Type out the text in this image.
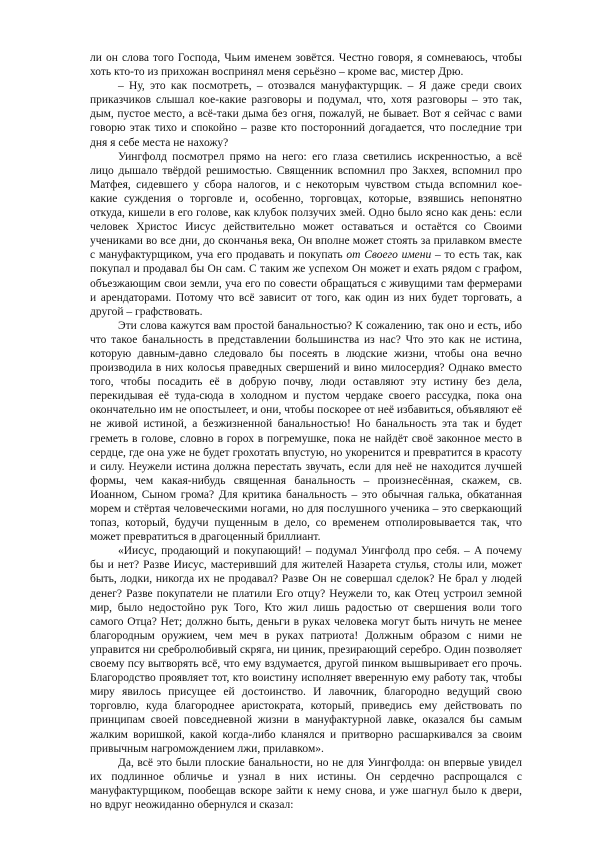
ли он слова того Господа, Чьим именем зовётся. Честно говоря, я сомневаюсь, чтобы хоть кто-то из прихожан воспринял меня серьёзно – кроме вас, мистер Дрю.

– Ну, это как посмотреть, – отозвался мануфактурщик. – Я даже среди своих приказчиков слышал кое-какие разговоры и подумал, что, хотя разговоры – это так, дым, пустое место, а всё-таки дыма без огня, пожалуй, не бывает. Вот я сейчас с вами говорю этак тихо и спокойно – разве кто посторонний догадается, что последние три дня я себе места не нахожу?

Уингфолд посмотрел прямо на него: его глаза светились искренностью, а всё лицо дышало твёрдой решимостью. Священник вспомнил про Закхея, вспомнил про Матфея, сидевшего у сбора налогов, и с некоторым чувством стыда вспомнил кое-какие суждения о торговле и, особенно, торговцах, которые, взявшись непонятно откуда, кишели в его голове, как клубок ползучих змей. Одно было ясно как день: если человек Христос Иисус действительно может оставаться и остаётся со Своими учениками во все дни, до скончанья века, Он вполне может стоять за прилавком вместе с мануфактурщиком, уча его продавать и покупать от Своего имени – то есть так, как покупал и продавал бы Он сам. С таким же успехом Он может и ехать рядом с графом, объезжающим свои земли, уча его по совести обращаться с живущими там фермерами и арендаторами. Потому что всё зависит от того, как один из них будет торговать, а другой – графствовать.

Эти слова кажутся вам простой банальностью? К сожалению, так оно и есть, ибо что такое банальность в представлении большинства из нас? Что это как не истина, которую давным-давно следовало бы посеять в людские жизни, чтобы она вечно производила в них колосья праведных свершений и вино милосердия? Однако вместо того, чтобы посадить её в добрую почву, люди оставляют эту истину без дела, перекидывая её туда-сюда в холодном и пустом чердаке своего рассудка, пока она окончательно им не опостылеет, и они, чтобы поскорее от неё избавиться, объявляют её не живой истиной, а безжизненной банальностью! Но банальность эта так и будет греметь в голове, словно в горох в погремушке, пока не найдёт своё законное место в сердце, где она уже не будет грохотать впустую, но укоренится и превратится в красоту и силу. Неужели истина должна перестать звучать, если для неё не находится лучшей формы, чем какая-нибудь священная банальность – произнесённая, скажем, св. Иоанном, Сыном грома? Для критика банальность – это обычная галька, обкатанная морем и стёртая человеческими ногами, но для послушного ученика – это сверкающий топаз, который, будучи пущенным в дело, со временем отполировывается так, что может превратиться в драгоценный бриллиант.

«Иисус, продающий и покупающий! – подумал Уингфолд про себя. – А почему бы и нет? Разве Иисус, мастеривший для жителей Назарета стулья, столы или, может быть, лодки, никогда их не продавал? Разве Он не совершал сделок? Не брал у людей денег? Разве покупатели не платили Его отцу? Неужели то, как Отец устроил земной мир, было недостойно рук Того, Кто жил лишь радостью от свершения воли того самого Отца? Нет; должно быть, деньги в руках человека могут быть ничуть не менее благородным оружием, чем меч в руках патриота! Должным образом с ними не управится ни сребролюбивый скряга, ни циник, презирающий серебро. Один позволяет своему псу вытворять всё, что ему вздумается, другой пинком вышвыривает его прочь. Благородство проявляет тот, кто воистину исполняет вверенную ему работу так, чтобы миру явилось присущее ей достоинство. И лавочник, благородно ведущий свою торговлю, куда благороднее аристократа, который, приведись ему действовать по принципам своей повседневной жизни в мануфактурной лавке, оказался бы самым жалким воришкой, какой когда-либо кланялся и притворно расшаркивался за своим привычным нагромождением лжи, прилавком».

Да, всё это были плоские банальности, но не для Уингфолда: он впервые увидел их подлинное обличье и узнал в них истины. Он сердечно распрощался с мануфактурщиком, пообещав вскоре зайти к нему снова, и уже шагнул было к двери, но вдруг неожиданно обернулся и сказал:
